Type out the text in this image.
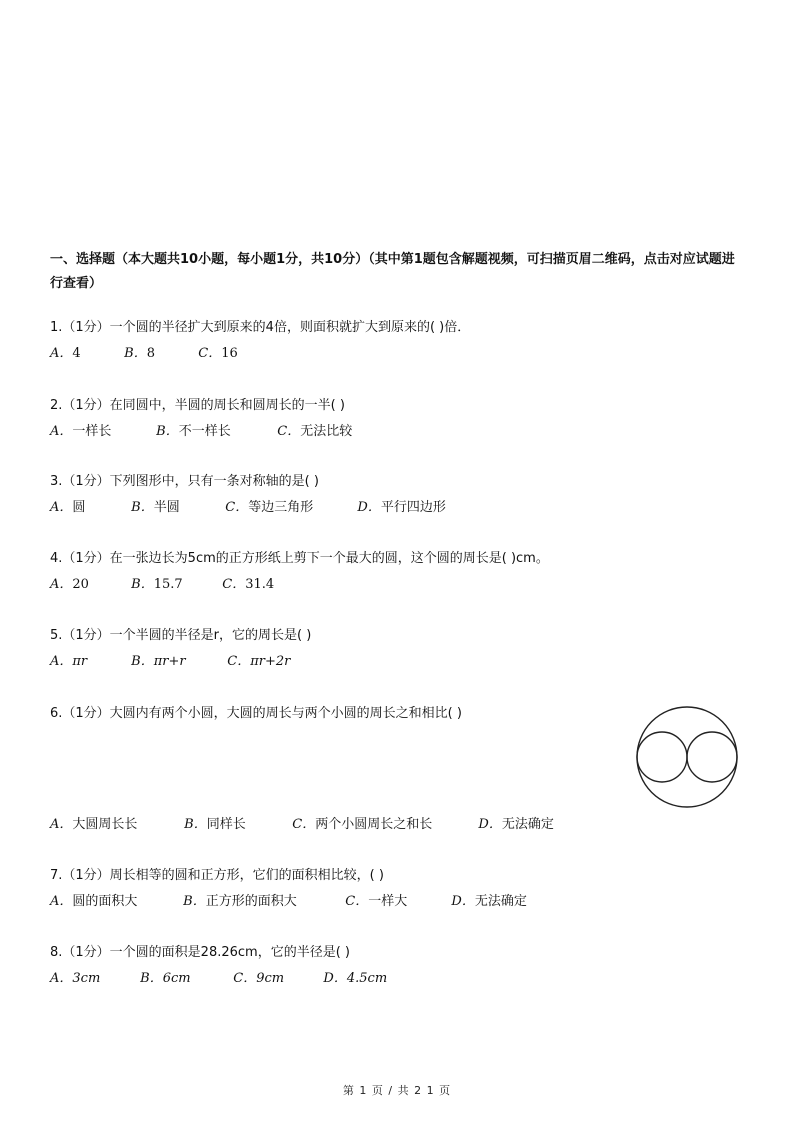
一、选择题（本大题共10小题，每小题1分，共10分）（其中第1题包含解题视频，可扫描页眉二维码，点击对应试题进行查看）
1.（1分）一个圆的半径扩大到原来的4倍，则面积就扩大到原来的( )倍．
A．4	B．8	C．16
2.（1分）在同圆中，半圆的周长和圆周长的一半( )
A．一样长	B．不一样长	C．无法比较
3.（1分）下列图形中，只有一条对称轴的是( )
A．圆	B．半圆	C．等边三角形	D．平行四边形
4.（1分）在一张边长为5cm的正方形纸上剪下一个最大的圆，这个圆的周长是( )cm。
A．20	B．15.7	C．31.4
5.（1分）一个半圆的半径是r，它的周长是( )
A．πr	B．πr+r	C．πr+2r
6.（1分）大圆内有两个小圆，大圆的周长与两个小圆的周长之和相比( )
A．大圆周长长	B．同样长	C．两个小圆周长之和长	D．无法确定
7.（1分）周长相等的圆和正方形，它们的面积相比较，( )
A．圆的面积大	B．正方形的面积大	C．一样大	D．无法确定
8.（1分）一个圆的面积是28.26cm，它的半径是( )
A．3cm	B．6cm	C．9cm	D．4.5cm
第 1 页 / 共 2 1 页
